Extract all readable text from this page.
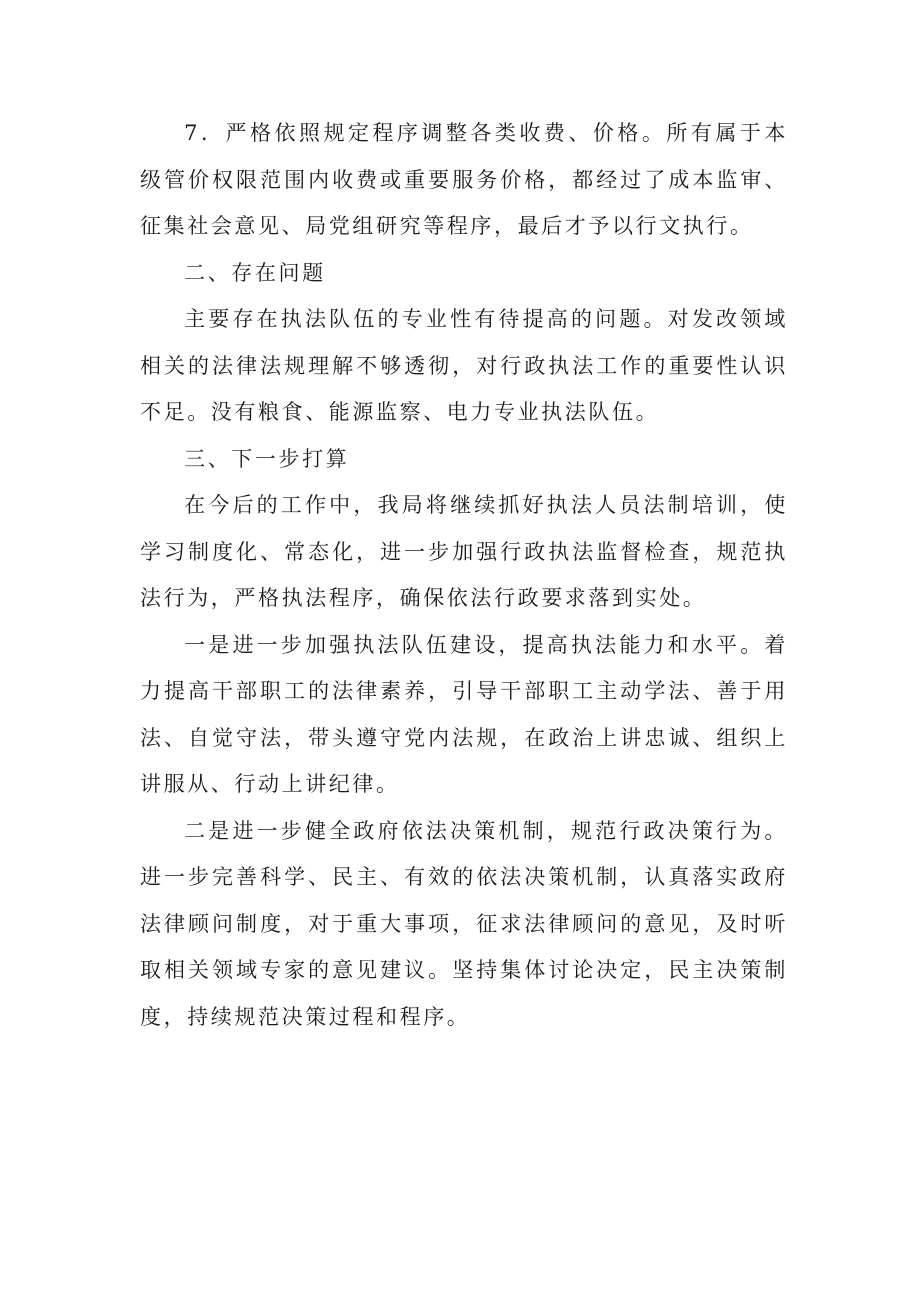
7．严格依照规定程序调整各类收费、价格。所有属于本级管价权限范围内收费或重要服务价格，都经过了成本监审、征集社会意见、局党组研究等程序，最后才予以行文执行。

二、存在问题

主要存在执法队伍的专业性有待提高的问题。对发改领域相关的法律法规理解不够透彻，对行政执法工作的重要性认识不足。没有粮食、能源监察、电力专业执法队伍。

三、下一步打算

在今后的工作中，我局将继续抓好执法人员法制培训，使学习制度化、常态化，进一步加强行政执法监督检查，规范执法行为，严格执法程序，确保依法行政要求落到实处。

一是进一步加强执法队伍建设，提高执法能力和水平。着力提高干部职工的法律素养，引导干部职工主动学法、善于用法、自觉守法，带头遵守党内法规，在政治上讲忠诚、组织上讲服从、行动上讲纪律。

二是进一步健全政府依法决策机制，规范行政决策行为。进一步完善科学、民主、有效的依法决策机制，认真落实政府法律顾问制度，对于重大事项，征求法律顾问的意见，及时听取相关领域专家的意见建议。坚持集体讨论决定，民主决策制度，持续规范决策过程和程序。
